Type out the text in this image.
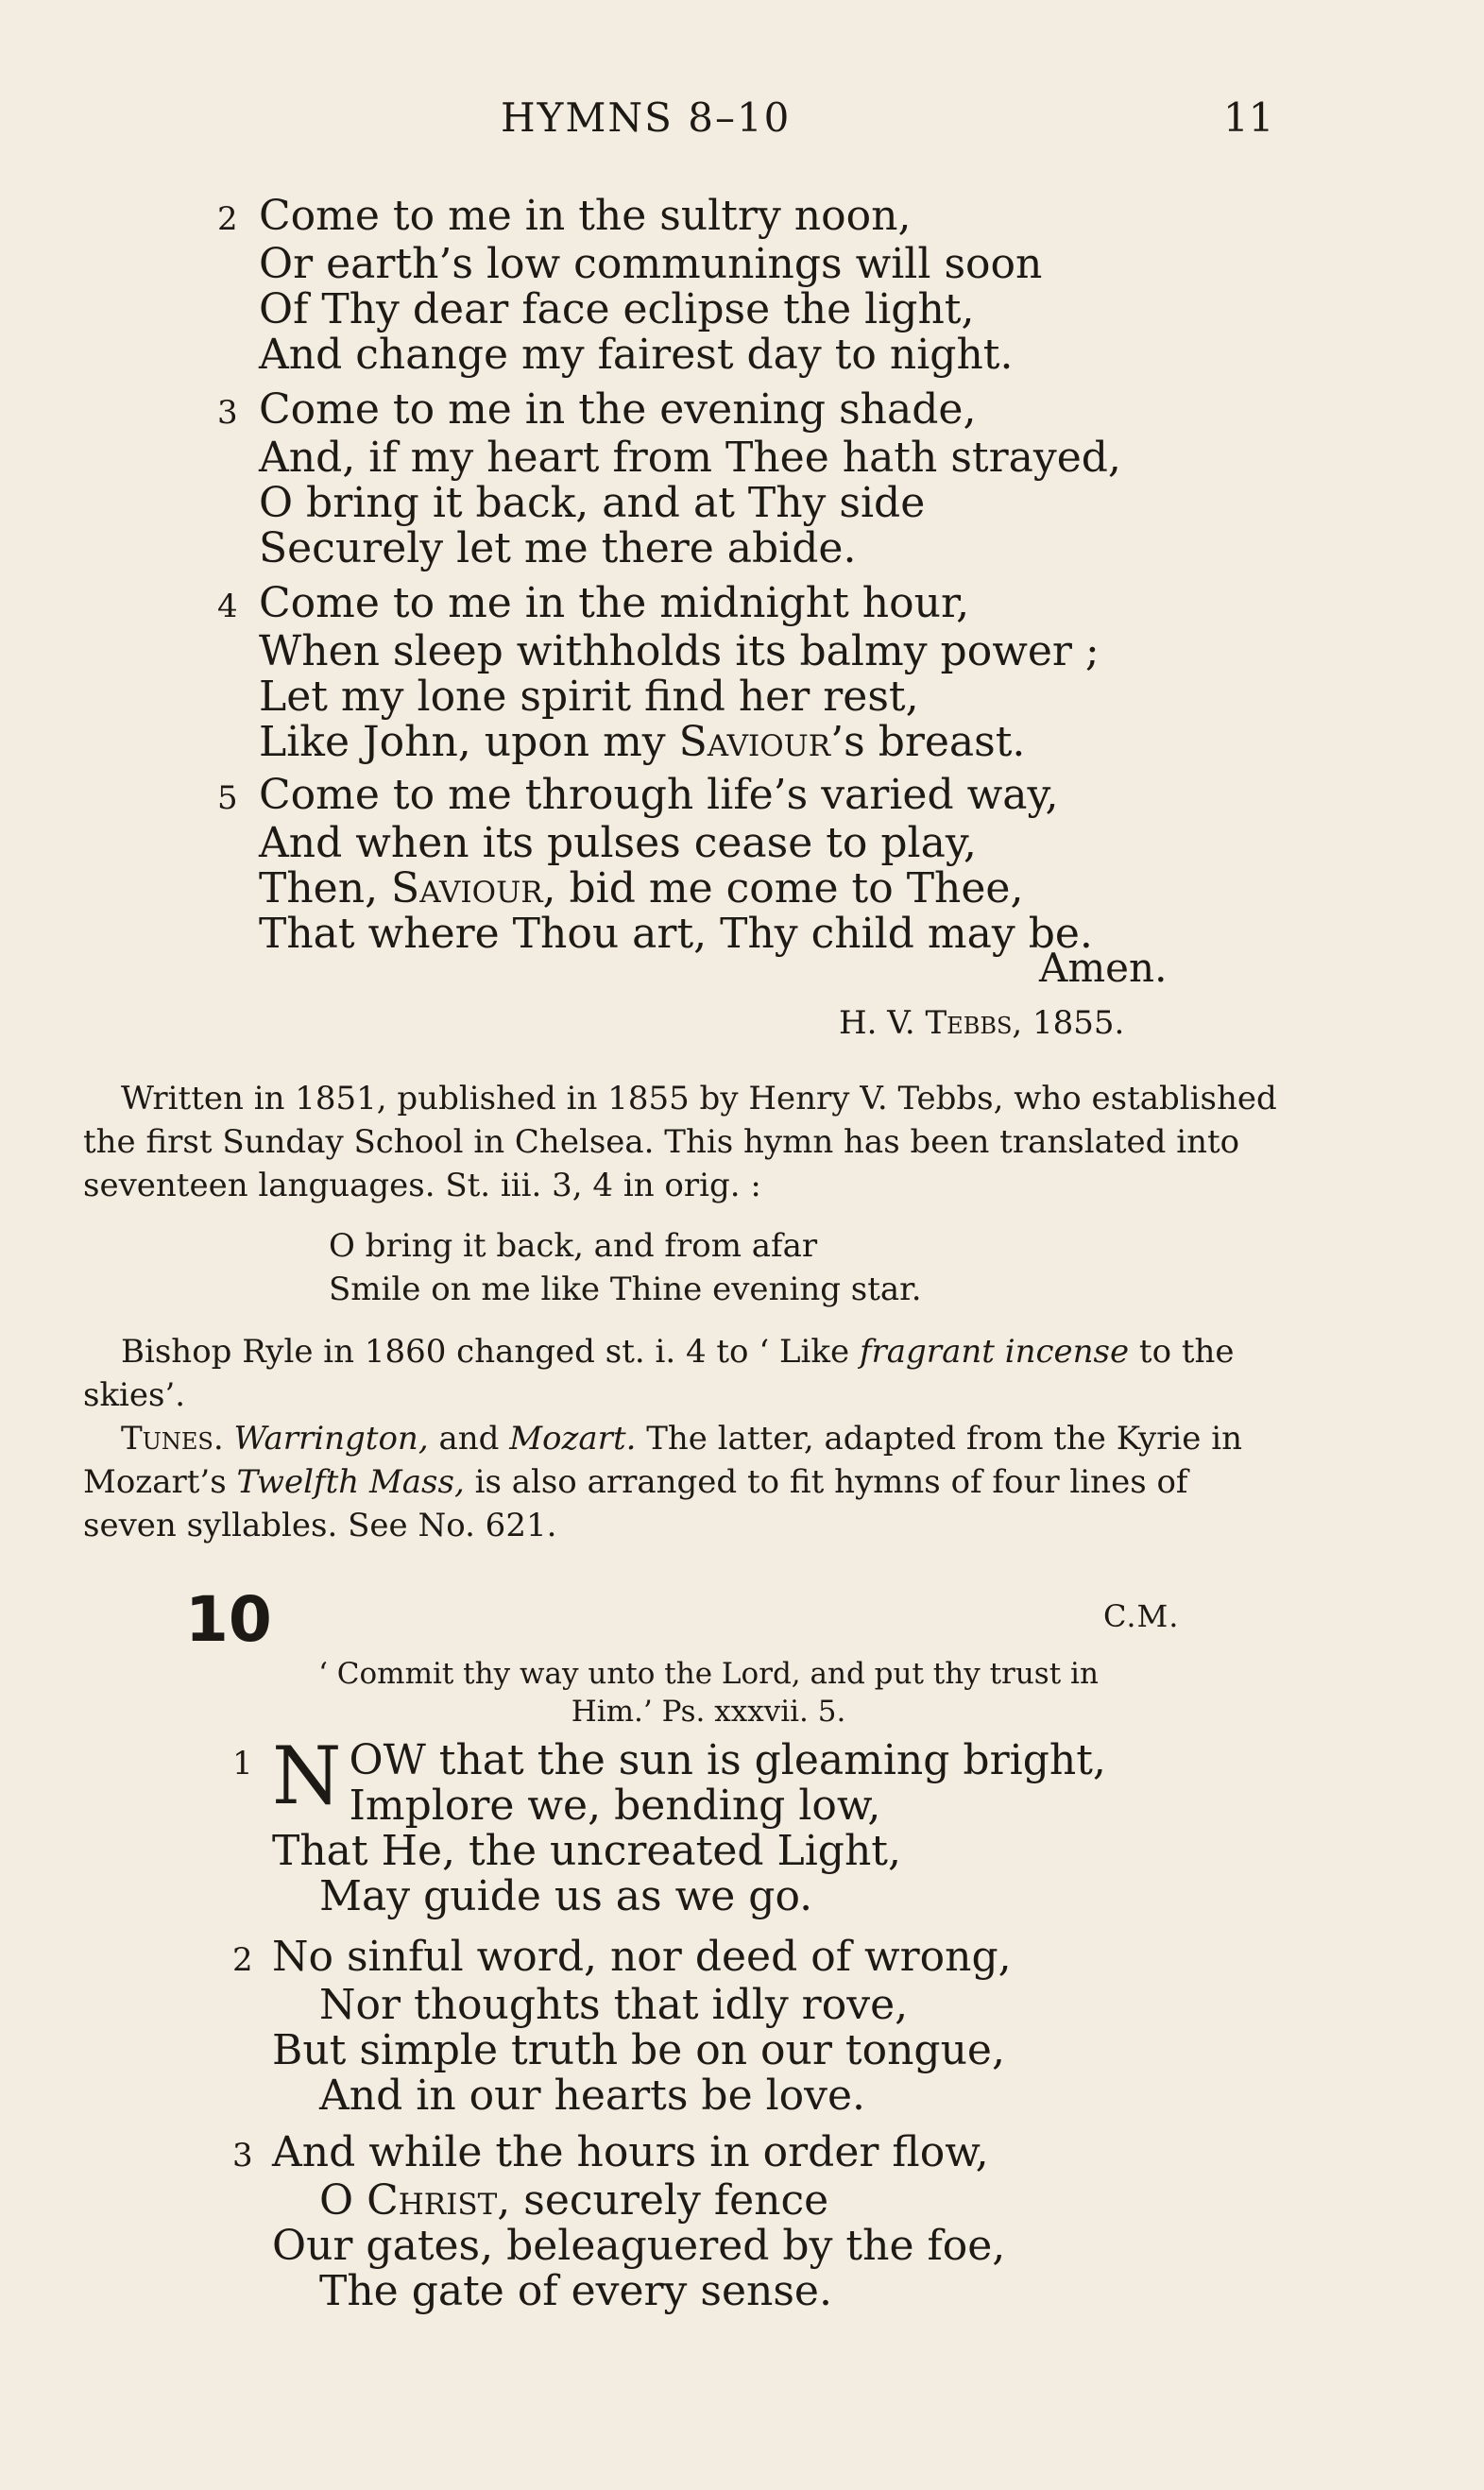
HYMNS 8–10	11
2 Come to me in the sultry noon,
Or earth’s low communings will soon
Of Thy dear face eclipse the light,
And change my fairest day to night.
3 Come to me in the evening shade,
And, if my heart from Thee hath strayed,
O bring it back, and at Thy side
Securely let me there abide.
4 Come to me in the midnight hour,
When sleep withholds its balmy power ;
Let my lone spirit find her rest,
Like John, upon my Saviour’s breast.
5 Come to me through life’s varied way,
And when its pulses cease to play,
Then, Saviour, bid me come to Thee,
That where Thou art, Thy child may be.
Amen.
H. V. Tebbs, 1855.

Written in 1851, published in 1855 by Henry V. Tebbs, who established the first Sunday School in Chelsea. This hymn has been translated into seventeen languages. St. iii. 3, 4 in orig. :

O bring it back, and from afar
Smile on me like Thine evening star.

Bishop Ryle in 1860 changed st. i. 4 to ‘ Like fragrant incense to the skies’.

Tunes. Warrington, and Mozart. The latter, adapted from the Kyrie in Mozart’s Twelfth Mass, is also arranged to fit hymns of four lines of seven syllables. See No. 621.

10	C.M.
‘ Commit thy way unto the Lord, and put thy trust in
Him.’ Ps. xxxvii. 5.
1 N OW that the sun is gleaming bright,
Implore we, bending low,
That He, the uncreated Light,
May guide us as we go.
2 No sinful word, nor deed of wrong,
Nor thoughts that idly rove,
But simple truth be on our tongue,
And in our hearts be love.
3 And while the hours in order flow,
O Christ, securely fence
Our gates, beleaguered by the foe,
The gate of every sense.
